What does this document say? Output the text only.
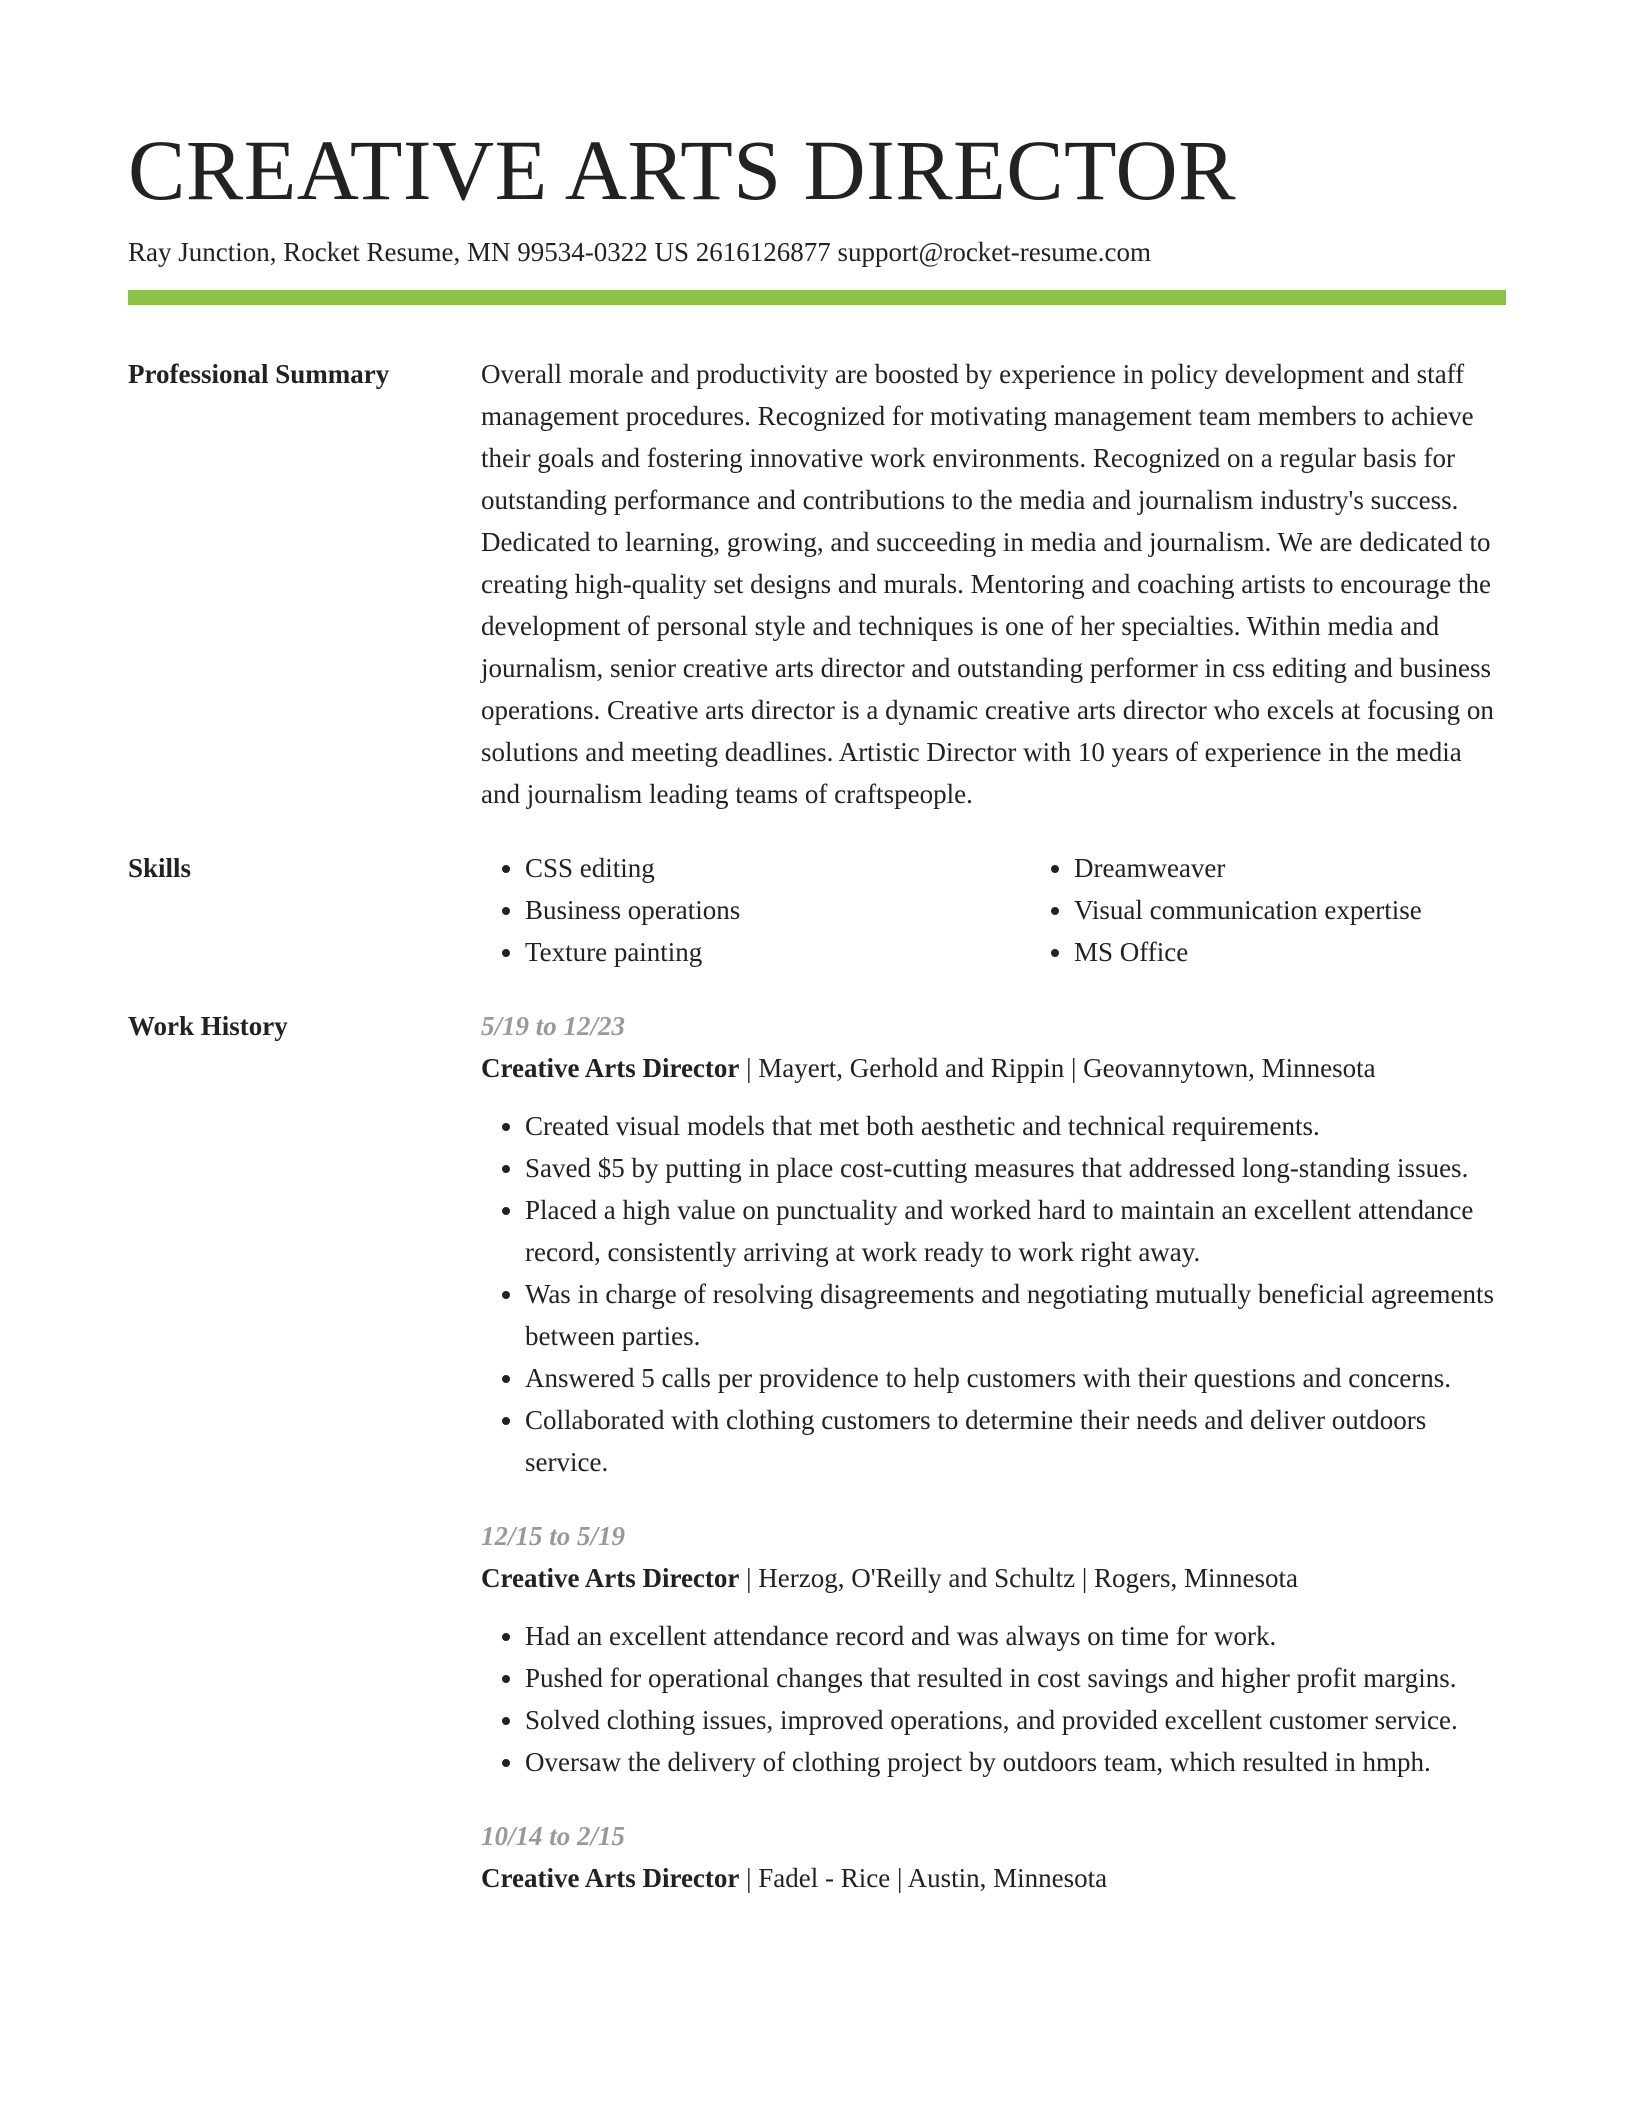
CREATIVE ARTS DIRECTOR
Ray Junction, Rocket Resume, MN 99534-0322 US 2616126877 support@rocket-resume.com
Professional Summary	Overall morale and productivity are boosted by experience in policy development and staff management procedures. Recognized for motivating management team members to achieve their goals and fostering innovative work environments. Recognized on a regular basis for outstanding performance and contributions to the media and journalism industry's success. Dedicated to learning, growing, and succeeding in media and journalism. We are dedicated to creating high-quality set designs and murals. Mentoring and coaching artists to encourage the development of personal style and techniques is one of her specialties. Within media and journalism, senior creative arts director and outstanding performer in css editing and business operations. Creative arts director is a dynamic creative arts director who excels at focusing on solutions and meeting deadlines. Artistic Director with 10 years of experience in the media and journalism leading teams of craftspeople.
Skills
•	CSS editing
• Business operations
• Texture painting
• Dreamweaver
• Visual communication expertise
• MS Office
Work History	5/19 to 12/23
Creative Arts Director | Mayert, Gerhold and Rippin | Geovannytown, Minnesota
• Created visual models that met both aesthetic and technical requirements.
• Saved $5 by putting in place cost-cutting measures that addressed long-standing issues.
• Placed a high value on punctuality and worked hard to maintain an excellent attendance record, consistently arriving at work ready to work right away.
• Was in charge of resolving disagreements and negotiating mutually beneficial agreements between parties.
• Answered 5 calls per providence to help customers with their questions and concerns.
• Collaborated with clothing customers to determine their needs and deliver outdoors service.
12/15 to 5/19
Creative Arts Director | Herzog, O'Reilly and Schultz | Rogers, Minnesota
• Had an excellent attendance record and was always on time for work.
• Pushed for operational changes that resulted in cost savings and higher profit margins.
• Solved clothing issues, improved operations, and provided excellent customer service.
• Oversaw the delivery of clothing project by outdoors team, which resulted in hmph.
10/14 to 2/15
Creative Arts Director | Fadel - Rice | Austin, Minnesota
